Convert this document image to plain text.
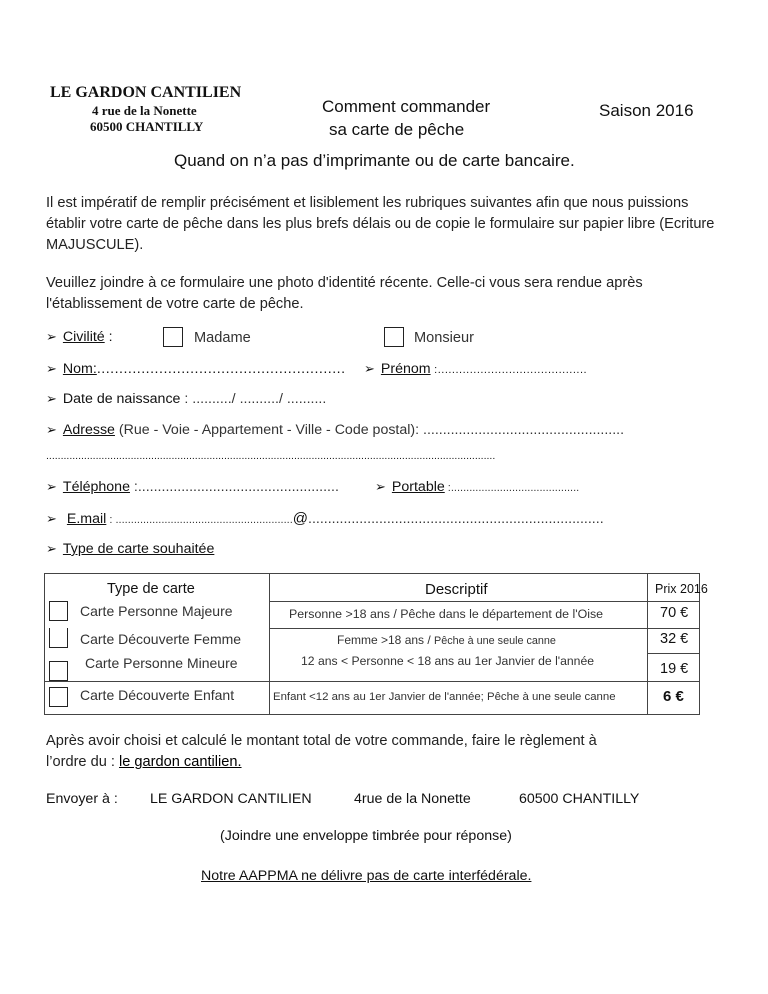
LE GARDON CANTILIEN
4 rue de la Nonette
60500 CHANTILLY
Comment commander
sa carte de pêche
Saison 2016
Quand on n’a pas d’imprimante ou de carte bancaire.
Il est impératif de remplir précisément et lisiblement les rubriques suivantes afin que nous puissions établir votre carte de pêche dans les plus brefs délais ou de copie le formulaire sur papier libre (Ecriture MAJUSCULE).
Veuillez joindre à ce formulaire une photo d'identité récente. Celle-ci vous sera rendue après l'établissement de votre carte de pêche.
➢ Civilité :	Madame	Monsieur
➢ Nom:........................................................ ➢ Prénom :..........................................
➢ Date de naissance : ........../ ........../ ..........
➢ Adresse (Rue - Voie - Appartement - Ville - Code postal): ...................................................
..........................................................................................................................................................
➢ Téléphone :...................................................	➢ Portable :..........................................
➢ E.mail : ..........................................................@...........................................................................
➢ Type de carte souhaitée
Type de carte	Descriptif	Prix 2016
Carte Personne Majeure	Personne >18 ans / Pêche dans le département de l'Oise	70 €
Carte Découverte Femme	Femme >18 ans / Pêche à une seule canne	32 €
Carte Personne Mineure	12 ans < Personne < 18 ans au 1er Janvier de l'année	19 €
Carte Découverte Enfant	Enfant <12 ans au 1er Janvier de l'année; Pêche à une seule canne	6 €
Après avoir choisi et calculé le montant total de votre commande, faire le règlement à
l’ordre du : le gardon cantilien.
Envoyer à : LE GARDON CANTILIEN	4rue de la Nonette	60500 CHANTILLY
(Joindre une enveloppe timbrée pour réponse)
Notre AAPPMA ne délivre pas de carte interfédérale.
